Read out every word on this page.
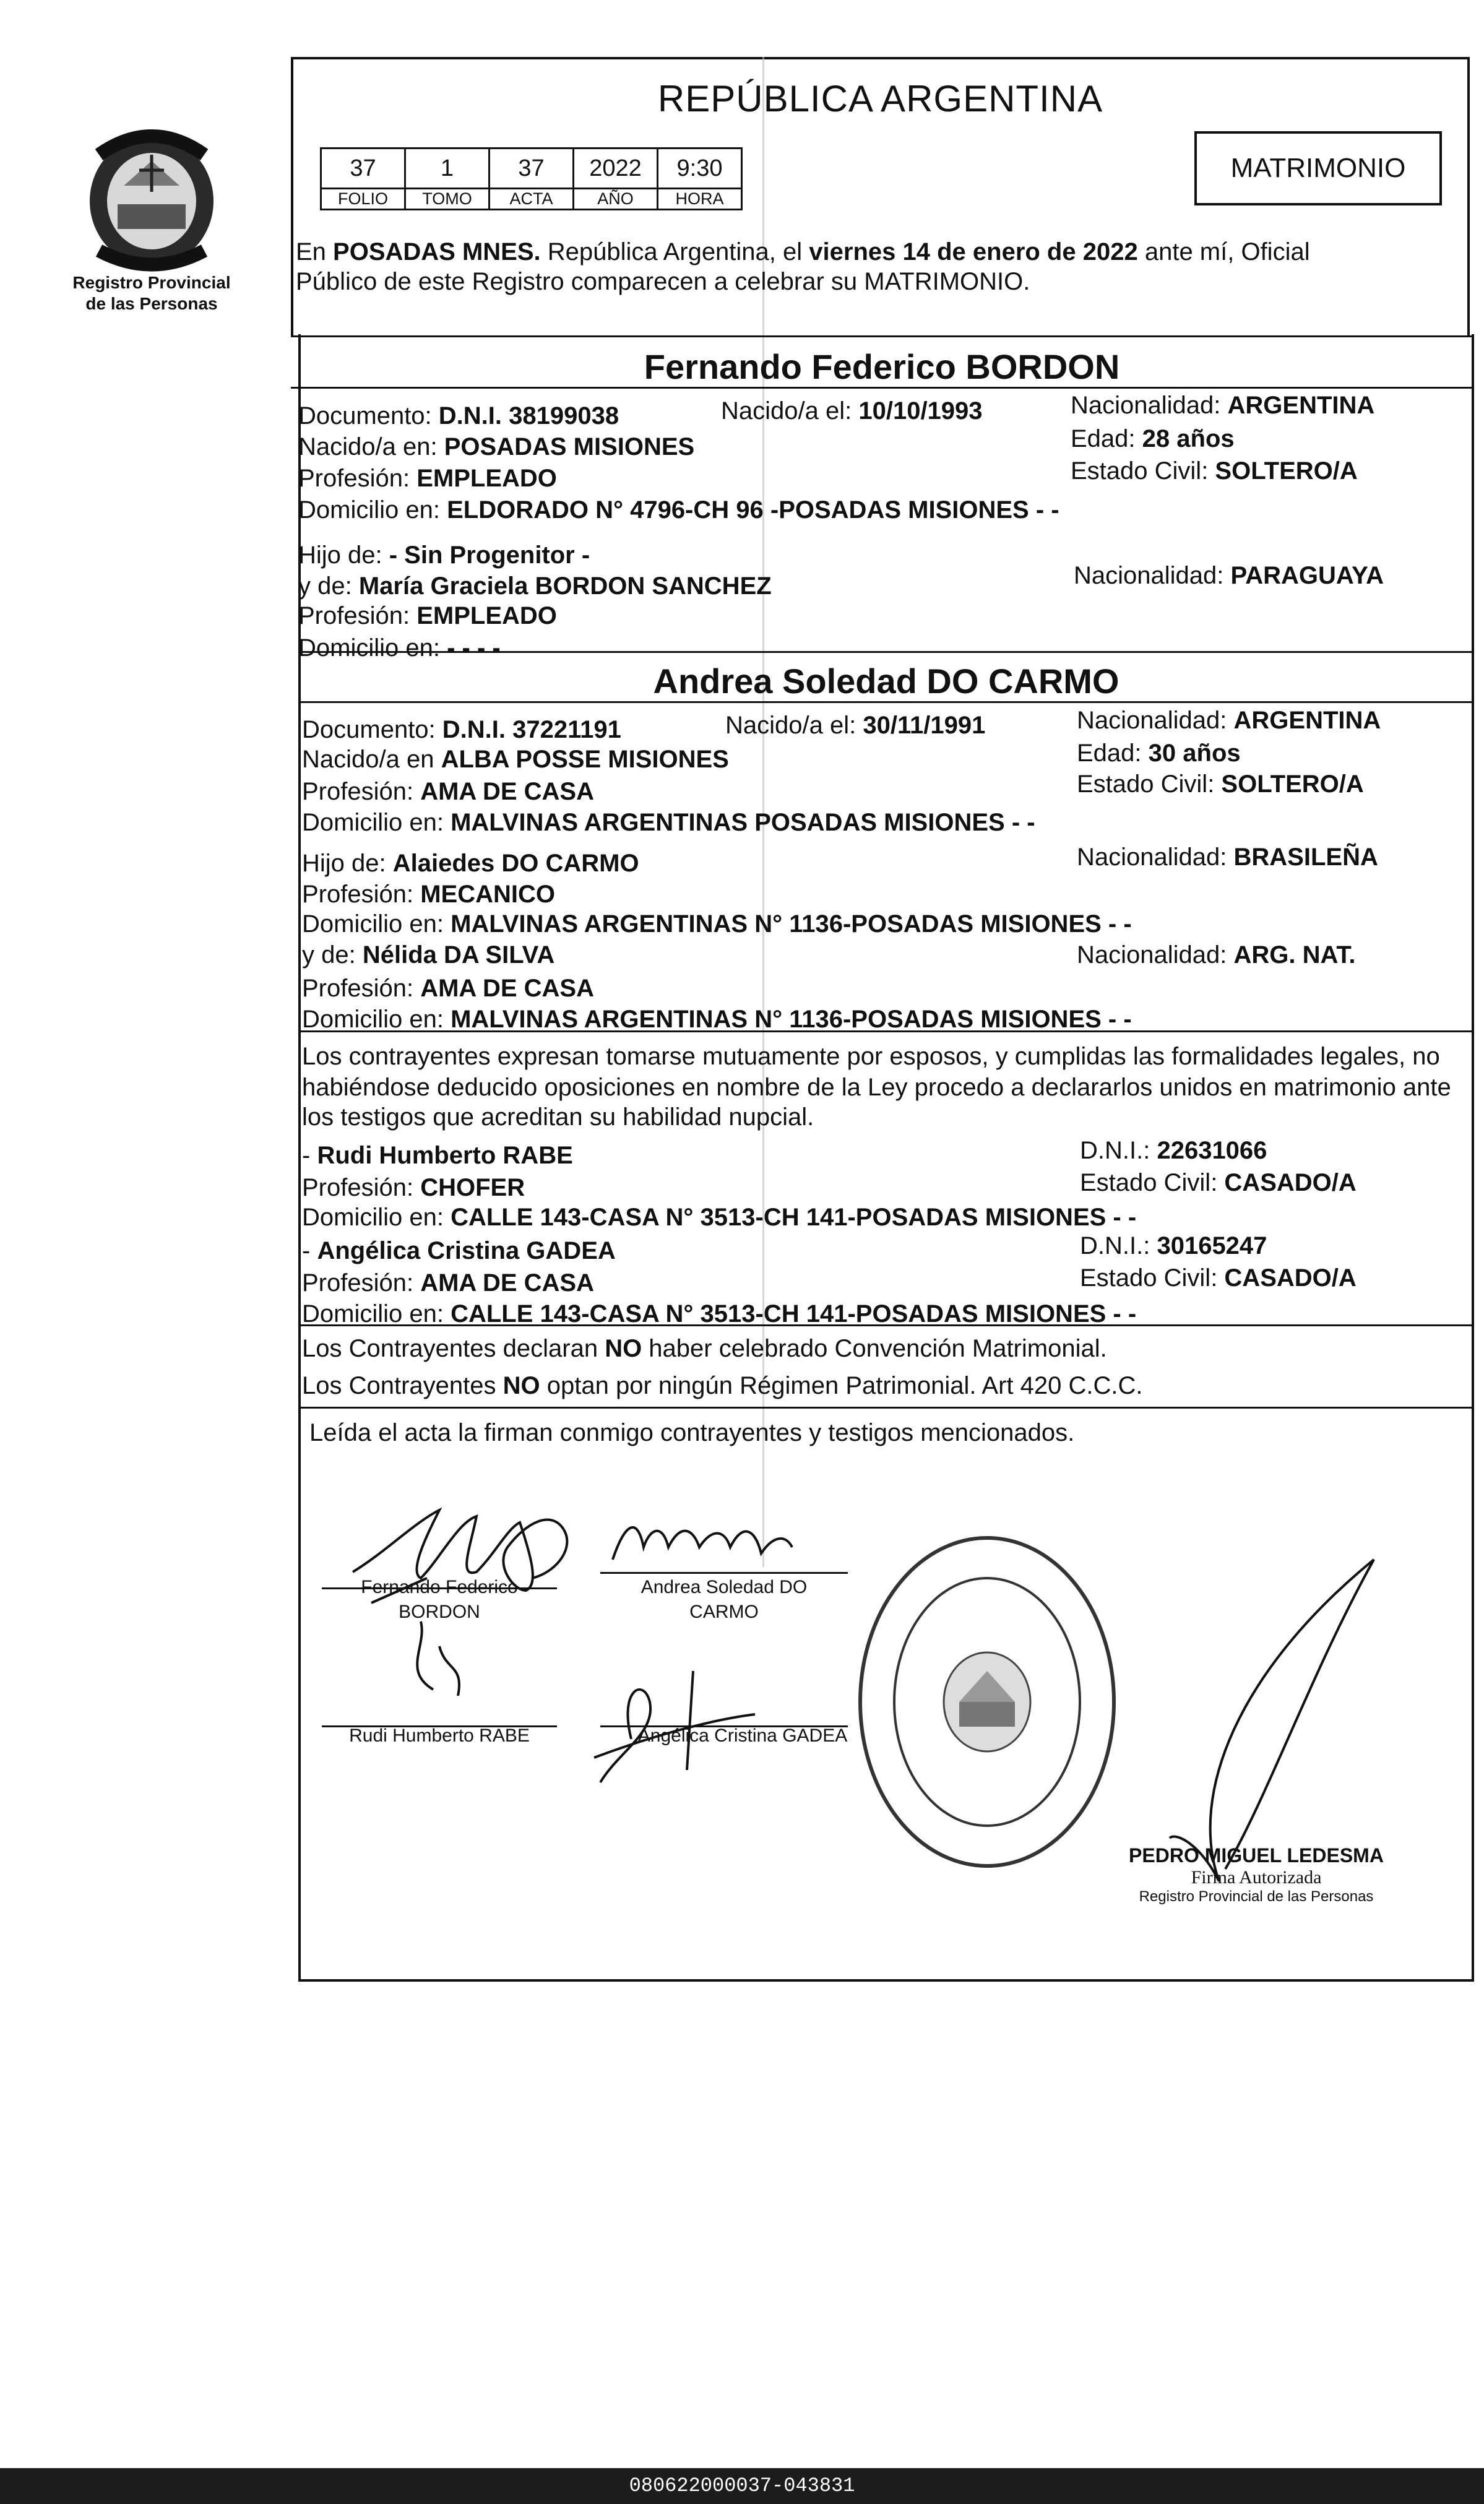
Registro Provincial
de las Personas
REPÚBLICA ARGENTINA
37	1	37	2022	9:30
FOLIO	TOMO	ACTA	AÑO	HORA
MATRIMONIO
En POSADAS MNES. República Argentina, el viernes 14 de enero de 2022 ante mí, Oficial
Público de este Registro comparecen a celebrar su MATRIMONIO.
Fernando Federico BORDON
Documento: D.N.I. 38199038	Nacido/a el: 10/10/1993	Nacionalidad: ARGENTINA
Nacido/a en: POSADAS MISIONES	Edad: 28 años
Profesión: EMPLEADO	Estado Civil: SOLTERO/A
Domicilio en: ELDORADO N° 4796-CH 96 -POSADAS MISIONES - -
Hijo de: - Sin Progenitor -
y de: María Graciela BORDON SANCHEZ	Nacionalidad: PARAGUAYA
Profesión: EMPLEADO
Domicilio en: - - - -
Andrea Soledad DO CARMO
Documento: D.N.I. 37221191	Nacido/a el: 30/11/1991	Nacionalidad: ARGENTINA
Nacido/a en ALBA POSSE MISIONES	Edad: 30 años
Profesión: AMA DE CASA	Estado Civil: SOLTERO/A
Domicilio en: MALVINAS ARGENTINAS POSADAS MISIONES - -
Hijo de: Alaiedes DO CARMO	Nacionalidad: BRASILEÑA
Profesión: MECANICO
Domicilio en: MALVINAS ARGENTINAS N° 1136-POSADAS MISIONES - -
y de: Nélida DA SILVA	Nacionalidad: ARG. NAT.
Profesión: AMA DE CASA
Domicilio en: MALVINAS ARGENTINAS N° 1136-POSADAS MISIONES - -
Los contrayentes expresan tomarse mutuamente por esposos, y cumplidas las formalidades legales, no
habiéndose deducido oposiciones en nombre de la Ley procedo a declararlos unidos en matrimonio ante
los testigos que acreditan su habilidad nupcial.
- Rudi Humberto RABE	D.N.I.: 22631066
Profesión: CHOFER	Estado Civil: CASADO/A
Domicilio en: CALLE 143-CASA N° 3513-CH 141-POSADAS MISIONES - -
- Angélica Cristina GADEA	D.N.I.: 30165247
Profesión: AMA DE CASA	Estado Civil: CASADO/A
Domicilio en: CALLE 143-CASA N° 3513-CH 141-POSADAS MISIONES - -
Los Contrayentes declaran NO haber celebrado Convención Matrimonial.
Los Contrayentes NO optan por ningún Régimen Patrimonial. Art 420 C.C.C.
Leída el acta la firman conmigo contrayentes y testigos mencionados.
Fernando Federico
BORDON
Andrea Soledad DO
CARMO
Rudi Humberto RABE	Angélica Cristina GADEA
PEDRO MIGUEL LEDESMA
Firma Autorizada
Registro Provincial de las Personas
080622000037-043831
